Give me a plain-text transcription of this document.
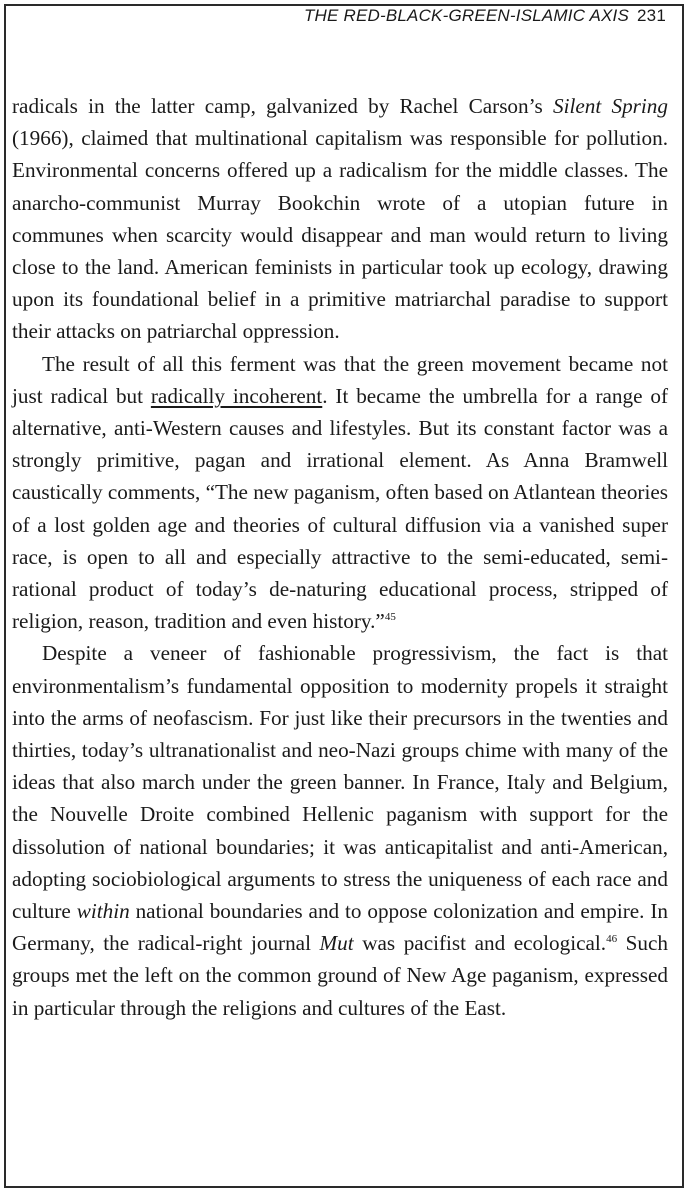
THE RED-BLACK-GREEN-ISLAMIC AXIS 231

radicals in the latter camp, galvanized by Rachel Carson’s Silent Spring (1966), claimed that multinational capitalism was responsible for pollution. Environmental concerns offered up a radicalism for the middle classes. The anarcho-communist Murray Bookchin wrote of a utopian future in communes when scarcity would disappear and man would return to living close to the land. American feminists in particular took up ecology, drawing upon its foundational belief in a primitive matriarchal paradise to support their attacks on patriarchal oppression.

The result of all this ferment was that the green movement became not just radical but radically incoherent. It became the umbrella for a range of alternative, anti-Western causes and lifestyles. But its constant factor was a strongly primitive, pagan and irrational element. As Anna Bramwell caustically comments, “The new paganism, often based on Atlantean theories of a lost golden age and theories of cultural diffusion via a vanished super race, is open to all and especially attractive to the semi-educated, semirational product of today’s de-naturing educational process, stripped of religion, reason, tradition and even history.”$^{45}$

Despite a veneer of fashionable progressivism, the fact is that environmentalism’s fundamental opposition to modernity propels it straight into the arms of neofascism. For just like their precursors in the twenties and thirties, today’s ultranationalist and neo-Nazi groups chime with many of the ideas that also march under the green banner. In France, Italy and Belgium, the Nouvelle Droite combined Hellenic paganism with support for the dissolution of national boundaries; it was anticapitalist and anti-American, adopting sociobiological arguments to stress the uniqueness of each race and culture within national boundaries and to oppose colonization and empire. In Germany, the radical-right journal Mut was pacifist and ecological.$^{46}$ Such groups met the left on the common ground of New Age paganism, expressed in particular through the religions and cultures of the East.
